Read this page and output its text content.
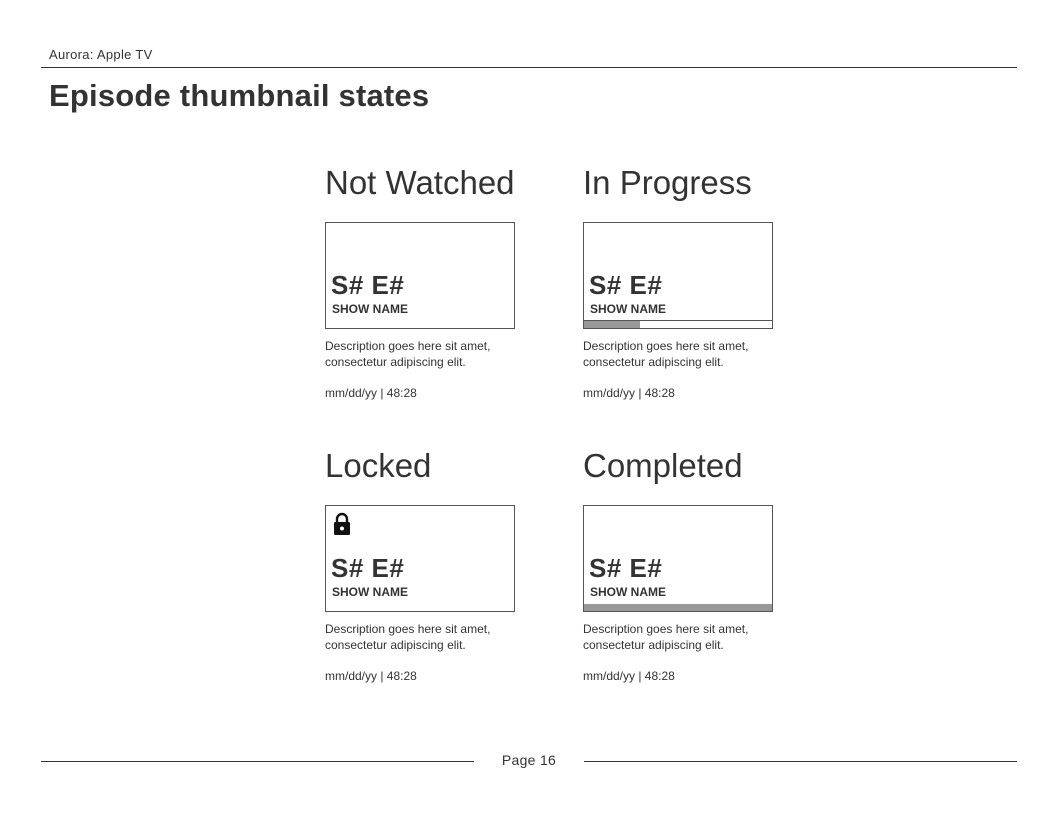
Aurora: Apple TV
Episode thumbnail states
Not Watched
S# E#
SHOW NAME

Description goes here sit amet, consectetur adipiscing elit.

mm/dd/yy | 48:28

In Progress
S# E#
SHOW NAME

Description goes here sit amet, consectetur adipiscing elit.

mm/dd/yy | 48:28

Locked
S# E#
SHOW NAME

Description goes here sit amet, consectetur adipiscing elit.

mm/dd/yy | 48:28

Completed
S# E#
SHOW NAME

Description goes here sit amet, consectetur adipiscing elit.

mm/dd/yy | 48:28

Page 16
